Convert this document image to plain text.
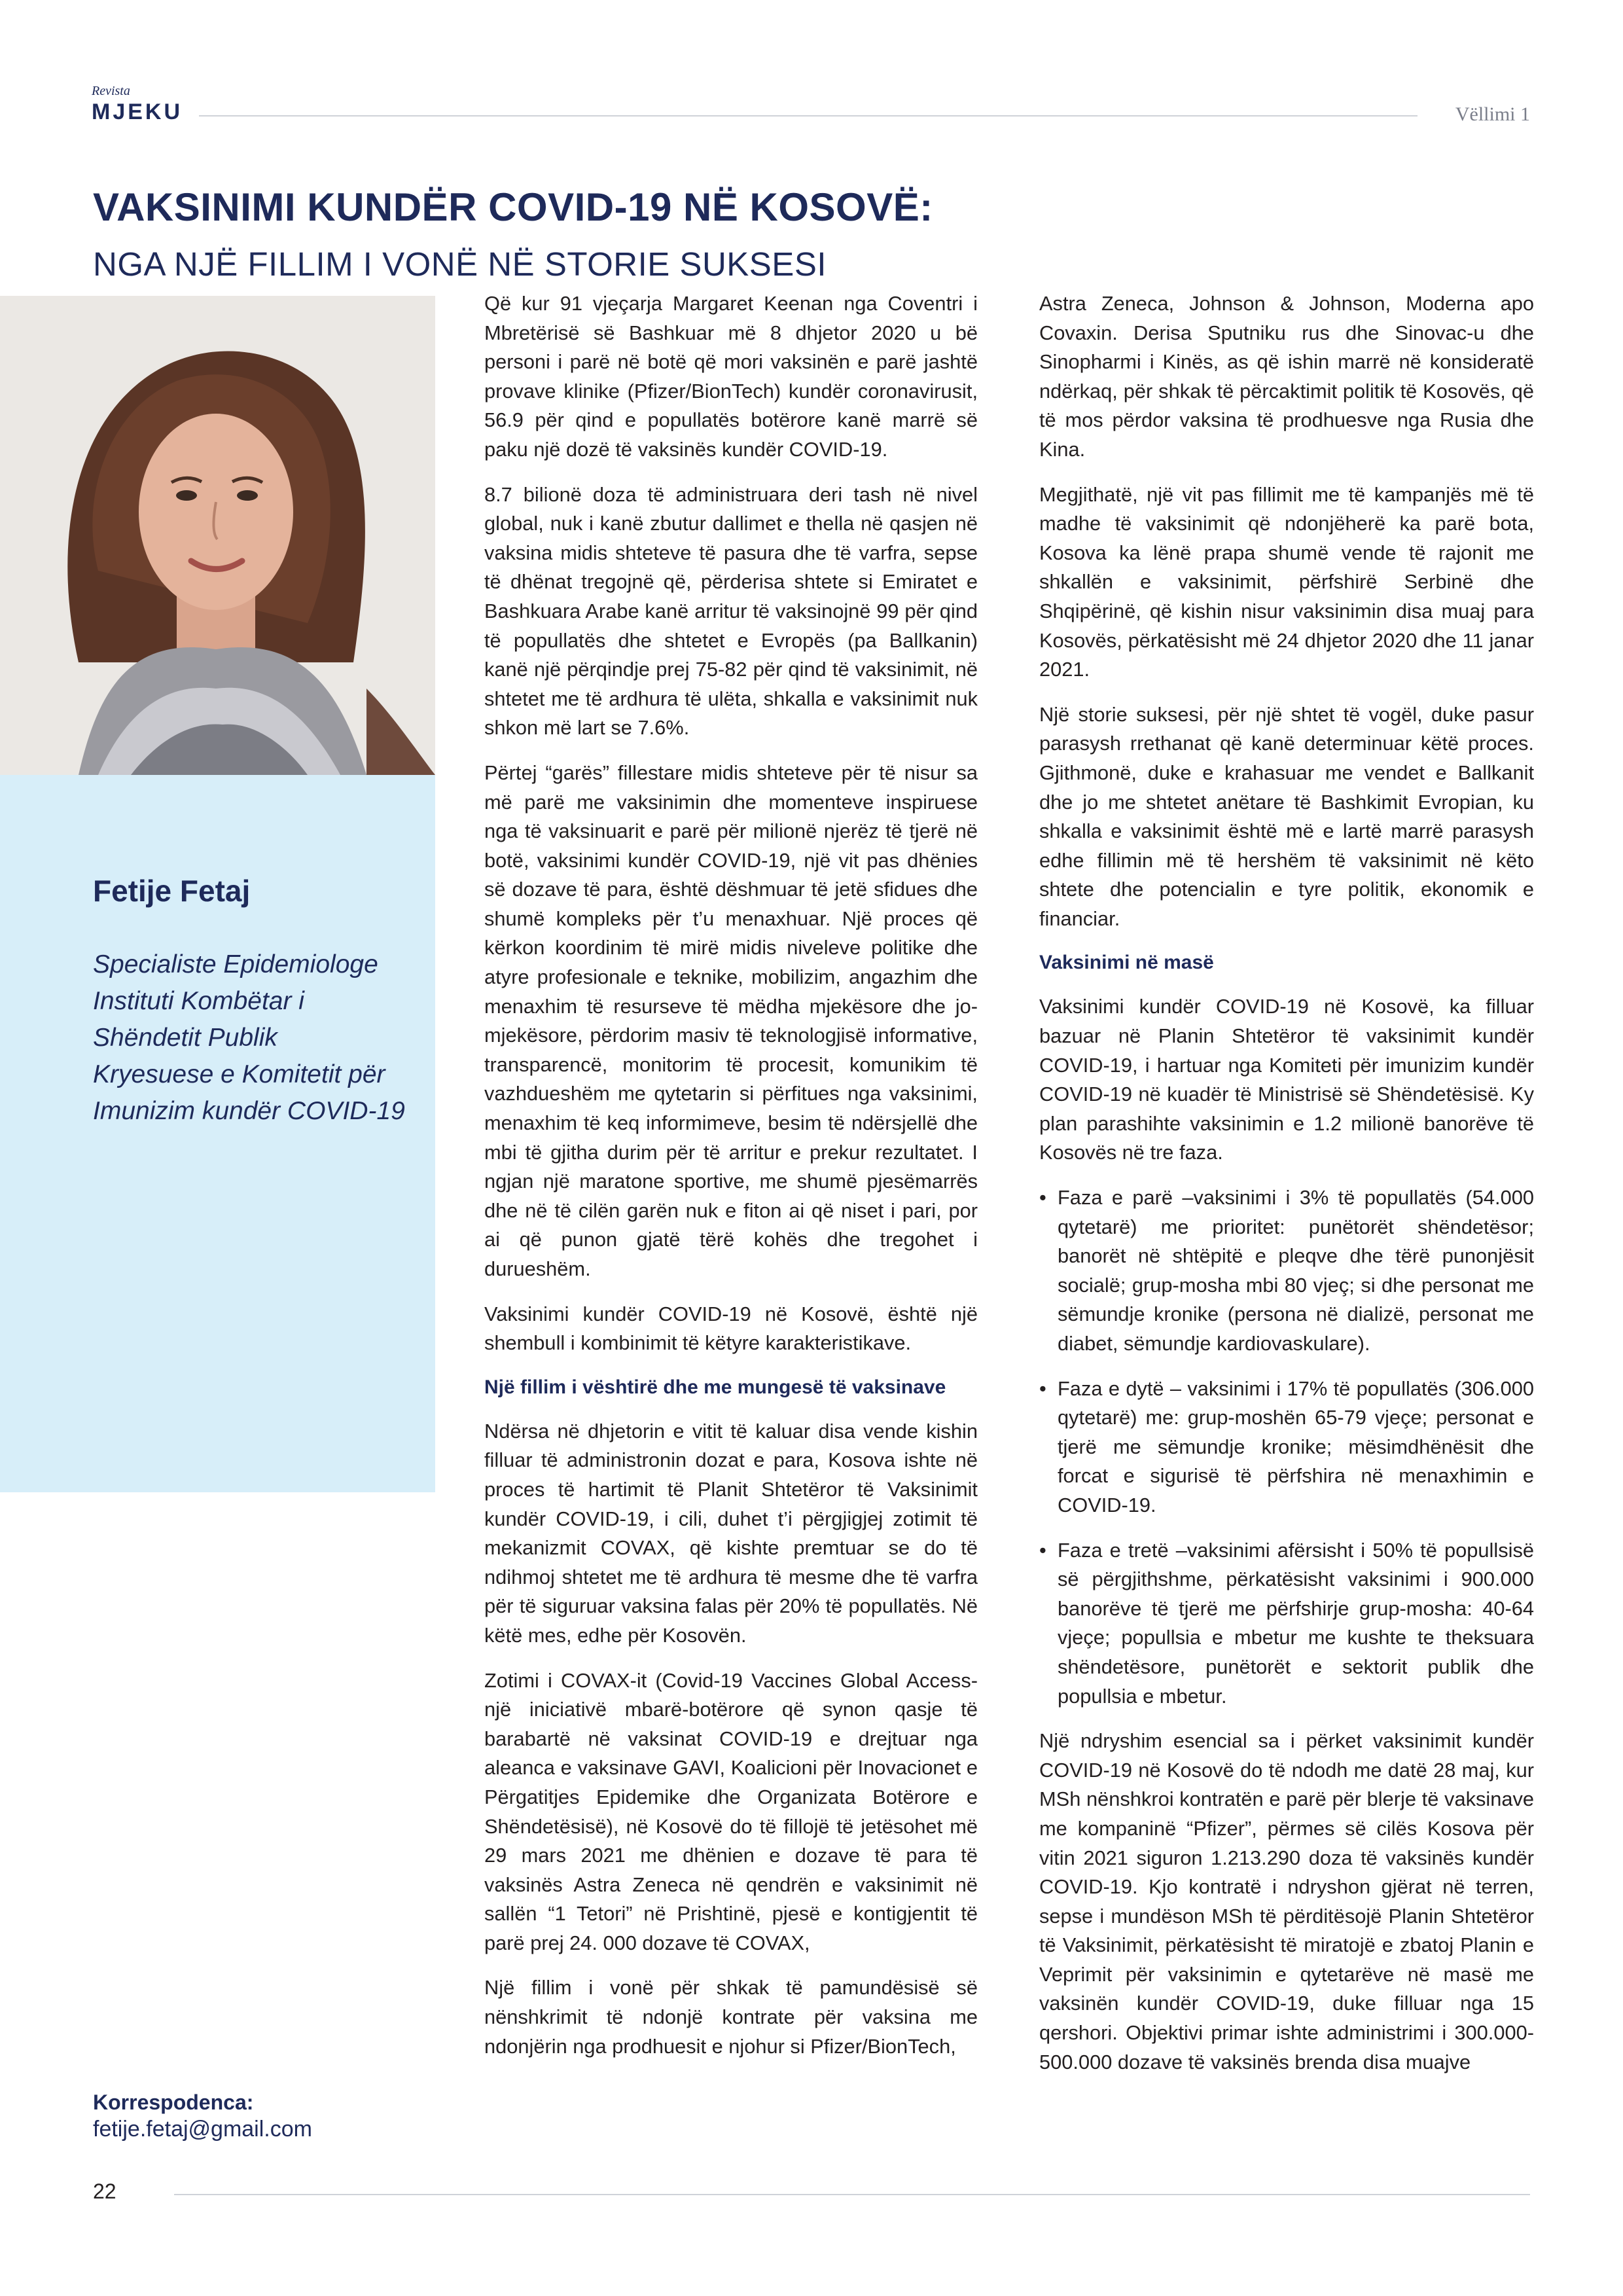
Revista
MJEKU	Vëllimi 1
VAKSINIMI KUNDËR COVID-19 NË KOSOVË:
NGA NJË FILLIM I VONË NË STORIE SUKSESI
Fetije Fetaj
Specialiste Epidemiologe
Instituti Kombëtar i
Shëndetit Publik
Kryesuese e Komitetit për
Imunizim kundër COVID-19
Korrespodenca:
fetije.fetaj@gmail.com

Që kur 91 vjeçarja Margaret Keenan nga Coventri i Mbretërisë së Bashkuar më 8 dhjetor 2020 u bë personi i parë në botë që mori vaksinën e parë jashtë provave klinike (Pfizer/BionTech) kundër coronavirusit, 56.9 për qind e popullatës botërore kanë marrë së paku një dozë të vaksinës kundër COVID-19.

8.7 bilionë doza të administruara deri tash në nivel global, nuk i kanë zbutur dallimet e thella në qasjen në vaksina midis shteteve të pasura dhe të varfra, sepse të dhënat tregojnë që, përderisa shtete si Emiratet e Bashkuara Arabe kanë arritur të vaksinojnë 99 për qind të popullatës dhe shtetet e Evropës (pa Ballkanin) kanë një përqindje prej 75-82 për qind të vaksinimit, në shtetet me të ardhura të ulëta, shkalla e vaksinimit nuk shkon më lart se 7.6%.

Përtej “garës” fillestare midis shteteve për të nisur sa më parë me vaksinimin dhe momenteve inspiruese nga të vaksinuarit e parë për milionë njerëz të tjerë në botë, vaksinimi kundër COVID-19, një vit pas dhënies së dozave të para, është dëshmuar të jetë sfidues dhe shumë kompleks për t’u menaxhuar. Një proces që kërkon koordinim të mirë midis niveleve politike dhe atyre profesionale e teknike, mobilizim, angazhim dhe menaxhim të resurseve të mëdha mjekësore dhe jo-mjekësore, përdorim masiv të teknologjisë informative, transparencë, monitorim të procesit, komunikim të vazhdueshëm me qytetarin si përfitues nga vaksinimi, menaxhim të keq informimeve, besim të ndërsjellë dhe mbi të gjitha durim për të arritur e prekur rezultatet. I ngjan një maratone sportive, me shumë pjesëmarrës dhe në të cilën garën nuk e fiton ai që niset i pari, por ai që punon gjatë tërë kohës dhe tregohet i durueshëm.

Vaksinimi kundër COVID-19 në Kosovë, është një shembull i kombinimit të këtyre karakteristikave.

Një fillim i vështirë dhe me mungesë të vaksinave

Ndërsa në dhjetorin e vitit të kaluar disa vende kishin filluar të administronin dozat e para, Kosova ishte në proces të hartimit të Planit Shtetëror të Vaksinimit kundër COVID-19, i cili, duhet t’i përgjigjej zotimit të mekanizmit COVAX, që kishte premtuar se do të ndihmoj shtetet me të ardhura të mesme dhe të varfra për të siguruar vaksina falas për 20% të popullatës. Në këtë mes, edhe për Kosovën.

Zotimi i COVAX-it (Covid-19 Vaccines Global Access-një iniciativë mbarë-botërore që synon qasje të barabartë në vaksinat COVID-19 e drejtuar nga aleanca e vaksinave GAVI, Koalicioni për Inovacionet e Përgatitjes Epidemike dhe Organizata Botërore e Shëndetësisë), në Kosovë do të fillojë të jetësohet më 29 mars 2021 me dhënien e dozave të para të vaksinës Astra Zeneca në qendrën e vaksinimit në sallën “1 Tetori” në Prishtinë, pjesë e kontigjentit të parë prej 24. 000 dozave të COVAX,

Një fillim i vonë për shkak të pamundësisë së nënshkrimit të ndonjë kontrate për vaksina me ndonjërin nga prodhuesit e njohur si Pfizer/BionTech,

Astra Zeneca, Johnson & Johnson, Moderna apo Covaxin. Derisa Sputniku rus dhe Sinovac-u dhe Sinopharmi i Kinës, as që ishin marrë në konsideratë ndërkaq, për shkak të përcaktimit politik të Kosovës, që të mos përdor vaksina të prodhuesve nga Rusia dhe Kina.

Megjithatë, një vit pas fillimit me të kampanjës më të madhe të vaksinimit që ndonjëherë ka parë bota, Kosova ka lënë prapa shumë vende të rajonit me shkallën e vaksinimit, përfshirë Serbinë dhe Shqipërinë, që kishin nisur vaksinimin disa muaj para Kosovës, përkatësisht më 24 dhjetor 2020 dhe 11 janar 2021.

Një storie suksesi, për një shtet të vogël, duke pasur parasysh rrethanat që kanë determinuar këtë proces. Gjithmonë, duke e krahasuar me vendet e Ballkanit dhe jo me shtetet anëtare të Bashkimit Evropian, ku shkalla e vaksinimit është më e lartë marrë parasysh edhe fillimin më të hershëm të vaksinimit në këto shtete dhe potencialin e tyre politik, ekonomik e financiar.

Vaksinimi në masë

Vaksinimi kundër COVID-19 në Kosovë, ka filluar bazuar në Planin Shtetëror të vaksinimit kundër COVID-19, i hartuar nga Komiteti për imunizim kundër COVID-19 në kuadër të Ministrisë së Shëndetësisë. Ky plan parashihte vaksinimin e 1.2 milionë banorëve të Kosovës në tre faza.

• Faza e parë –vaksinimi i 3% të popullatës (54.000 qytetarë) me prioritet: punëtorët shëndetësor; banorët në shtëpitë e pleqve dhe tërë punonjësit socialë; grup-mosha mbi 80 vjeç; si dhe personat me sëmundje kronike (persona në dializë, personat me diabet, sëmundje kardiovaskulare).
• Faza e dytë – vaksinimi i 17% të popullatës (306.000 qytetarë) me: grup-moshën 65-79 vjeçe; personat e tjerë me sëmundje kronike; mësimdhënësit dhe forcat e sigurisë të përfshira në menaxhimin e COVID-19.
• Faza e tretë –vaksinimi afërsisht i 50% të popullsisë së përgjithshme, përkatësisht vaksinimi i 900.000 banorëve të tjerë me përfshirje grup-mosha: 40-64 vjeçe; popullsia e mbetur me kushte te theksuara shëndetësore, punëtorët e sektorit publik dhe popullsia e mbetur.

Një ndryshim esencial sa i përket vaksinimit kundër COVID-19 në Kosovë do të ndodh me datë 28 maj, kur MSh nënshkroi kontratën e parë për blerje të vaksinave me kompaninë “Pfizer”, përmes së cilës Kosova për vitin 2021 siguron 1.213.290 doza të vaksinës kundër COVID-19. Kjo kontratë i ndryshon gjërat në terren, sepse i mundëson MSh të përditësojë Planin Shtetëror të Vaksinimit, përkatësisht të miratojë e zbatoj Planin e Veprimit për vaksinimin e qytetarëve në masë me vaksinën kundër COVID-19, duke filluar nga 15 qershori. Objektivi primar ishte administrimi i 300.000-500.000 dozave të vaksinës brenda disa muajve

22
